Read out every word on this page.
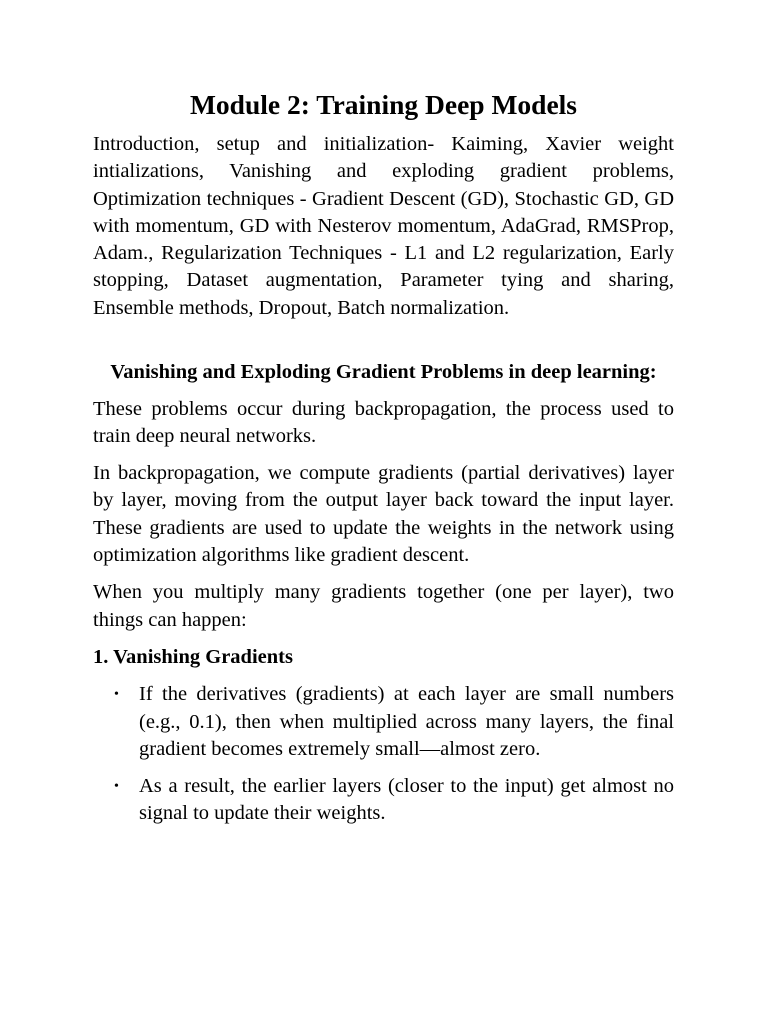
Module 2: Training Deep Models

Introduction, setup and initialization- Kaiming, Xavier weight intializations, Vanishing and exploding gradient problems, Optimization techniques - Gradient Descent (GD), Stochastic GD, GD with momentum, GD with Nesterov momentum, AdaGrad, RMSProp, Adam., Regularization Techniques - L1 and L2 regularization, Early stopping, Dataset augmentation, Parameter tying and sharing, Ensemble methods, Dropout, Batch normalization.

Vanishing and Exploding Gradient Problems in deep learning:

These problems occur during backpropagation, the process used to train deep neural networks.

In backpropagation, we compute gradients (partial derivatives) layer by layer, moving from the output layer back toward the input layer. These gradients are used to update the weights in the network using optimization algorithms like gradient descent.

When you multiply many gradients together (one per layer), two things can happen:

1. Vanishing Gradients
• If the derivatives (gradients) at each layer are small numbers (e.g., 0.1), then when multiplied across many layers, the final gradient becomes extremely small—almost zero.
• As a result, the earlier layers (closer to the input) get almost no signal to update their weights.
